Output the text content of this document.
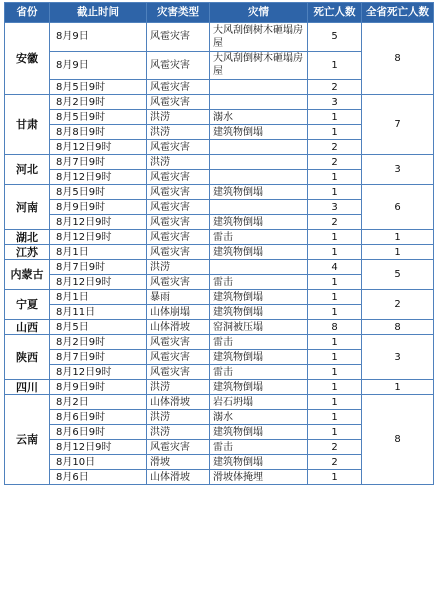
省份	截止时间	灾害类型	灾情	死亡人数	全省死亡人数
安徽	8月9日	风雹灾害	大风刮倒树木砸塌房屋	5	8
	8月9日	风雹灾害	大风刮倒树木砸塌房屋	1	
	8月5日9时	风雹灾害		2	
甘肃	8月2日9时	风雹灾害		3	7
	8月5日9时	洪涝	溺水	1	
	8月8日9时	洪涝	建筑物倒塌	1	
	8月12日9时	风雹灾害		2	
河北	8月7日9时	洪涝		2	3
	8月12日9时	风雹灾害		1	
河南	8月5日9时	风雹灾害	建筑物倒塌	1	6
	8月9日9时	风雹灾害		3	
	8月12日9时	风雹灾害	建筑物倒塌	2	
湖北	8月12日9时	风雹灾害	雷击	1	1
江苏	8月1日	风雹灾害	建筑物倒塌	1	1
内蒙古	8月7日9时	洪涝		4	5
	8月12日9时	风雹灾害	雷击	1	
宁夏	8月1日	暴雨	建筑物倒塌	1	2
	8月11日	山体崩塌	建筑物倒塌	1	
山西	8月5日	山体滑坡	窑洞被压塌	8	8
陕西	8月2日9时	风雹灾害	雷击	1	3
	8月7日9时	风雹灾害	建筑物倒塌	1	
	8月12日9时	风雹灾害	雷击	1	
四川	8月9日9时	洪涝	建筑物倒塌	1	1
云南	8月2日	山体滑坡	岩石坍塌	1	8
	8月6日9时	洪涝	溺水	1	
	8月6日9时	洪涝	建筑物倒塌	1	
	8月12日9时	风雹灾害	雷击	2	
	8月10日	滑坡	建筑物倒塌	2	
	8月6日	山体滑坡	滑坡体掩埋	1	
